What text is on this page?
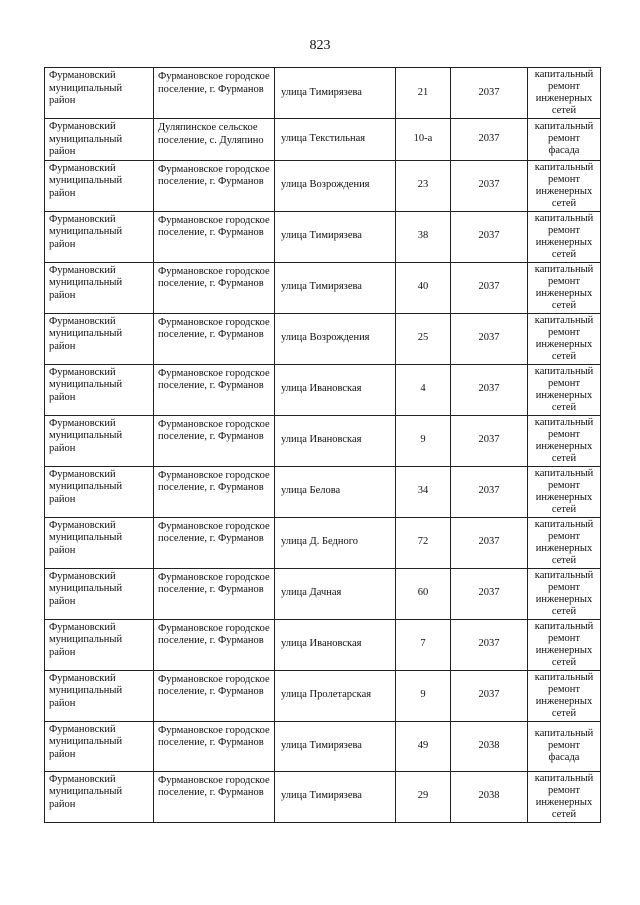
823
Фурмановский муниципальный район	Фурмановское городское поселение, г. Фурманов	улица Тимирязева	21	2037	капитальный ремонт инженерных сетей
Фурмановский муниципальный район	Дуляпинское сельское поселение, с. Дуляпино	улица Текстильная	10-а	2037	капитальный ремонт фасада
Фурмановский муниципальный район	Фурмановское городское поселение, г. Фурманов	улица Возрождения	23	2037	капитальный ремонт инженерных сетей
Фурмановский муниципальный район	Фурмановское городское поселение, г. Фурманов	улица Тимирязева	38	2037	капитальный ремонт инженерных сетей
Фурмановский муниципальный район	Фурмановское городское поселение, г. Фурманов	улица Тимирязева	40	2037	капитальный ремонт инженерных сетей
Фурмановский муниципальный район	Фурмановское городское поселение, г. Фурманов	улица Возрождения	25	2037	капитальный ремонт инженерных сетей
Фурмановский муниципальный район	Фурмановское городское поселение, г. Фурманов	улица Ивановская	4	2037	капитальный ремонт инженерных сетей
Фурмановский муниципальный район	Фурмановское городское поселение, г. Фурманов	улица Ивановская	9	2037	капитальный ремонт инженерных сетей
Фурмановский муниципальный район	Фурмановское городское поселение, г. Фурманов	улица Белова	34	2037	капитальный ремонт инженерных сетей
Фурмановский муниципальный район	Фурмановское городское поселение, г. Фурманов	улица Д. Бедного	72	2037	капитальный ремонт инженерных сетей
Фурмановский муниципальный район	Фурмановское городское поселение, г. Фурманов	улица Дачная	60	2037	капитальный ремонт инженерных сетей
Фурмановский муниципальный район	Фурмановское городское поселение, г. Фурманов	улица Ивановская	7	2037	капитальный ремонт инженерных сетей
Фурмановский муниципальный район	Фурмановское городское поселение, г. Фурманов	улица Пролетарская	9	2037	капитальный ремонт инженерных сетей
Фурмановский муниципальный район	Фурмановское городское поселение, г. Фурманов	улица Тимирязева	49	2038	капитальный ремонт фасада
Фурмановский муниципальный район	Фурмановское городское поселение, г. Фурманов	улица Тимирязева	29	2038	капитальный ремонт инженерных сетей
